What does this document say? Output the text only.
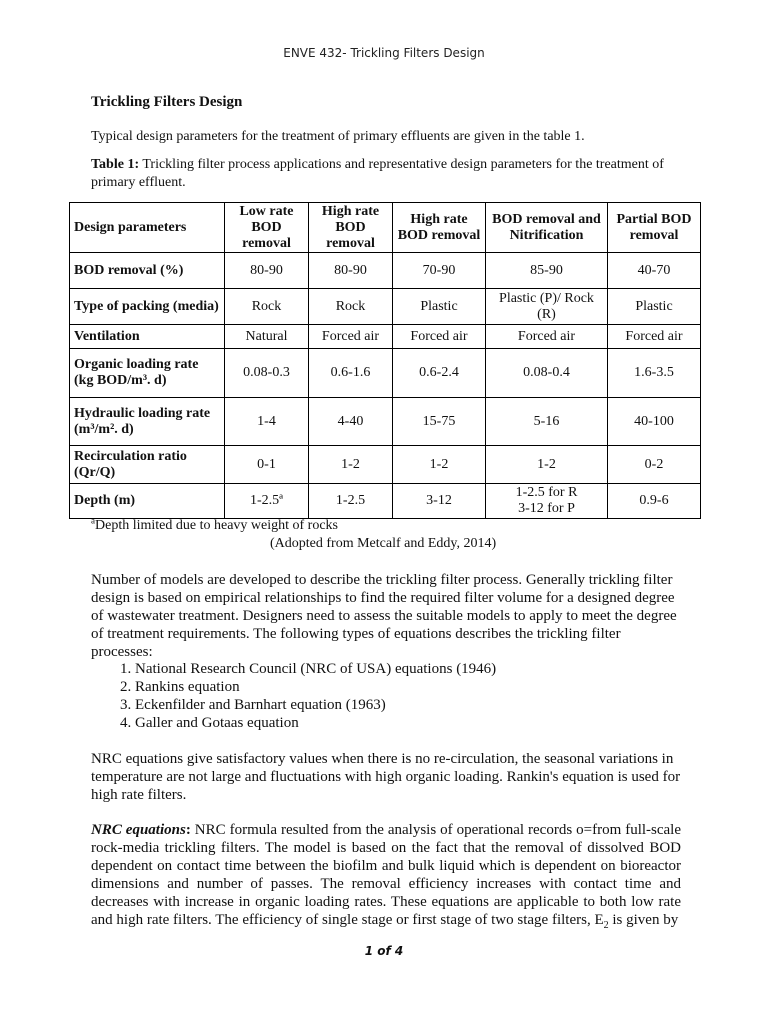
ENVE 432- Trickling Filters Design
Trickling Filters Design
Typical design parameters for the treatment of primary effluents are given in the table 1.
Table 1: Trickling filter process applications and representative design parameters for the treatment of primary effluent.
Design parameters	Low rate BOD removal	High rate BOD removal	High rate BOD removal	BOD removal and Nitrification	Partial BOD removal
BOD removal (%)	80-90	80-90	70-90	85-90	40-70
Type of packing (media)	Rock	Rock	Plastic	Plastic (P)/ Rock (R)	Plastic
Ventilation	Natural	Forced air	Forced air	Forced air	Forced air
Organic loading rate
(kg BOD/m³. d)	0.08-0.3	0.6-1.6	0.6-2.4	0.08-0.4	1.6-3.5
Hydraulic loading rate
(m³/m². d)	1-4	4-40	15-75	5-16	40-100
Recirculation ratio
(Qr/Q)	0-1	1-2	1-2	1-2	0-2
Depth (m)	1-2.5ª	1-2.5	3-12	1-2.5 for R
3-12 for P	0.9-6
$^a$Depth limited due to heavy weight of rocks
(Adopted from Metcalf and Eddy, 2014)
Number of models are developed to describe the trickling filter process. Generally trickling filter design is based on empirical relationships to find the required filter volume for a designed degree of wastewater treatment. Designers need to assess the suitable models to apply to meet the degree of treatment requirements. The following types of equations describes the trickling filter processes:
1. National Research Council (NRC of USA) equations (1946)
2. Rankins equation
3. Eckenfilder and Barnhart equation (1963)
4. Galler and Gotaas equation
NRC equations give satisfactory values when there is no re-circulation, the seasonal variations in temperature are not large and fluctuations with high organic loading. Rankin's equation is used for high rate filters.
NRC equations: NRC formula resulted from the analysis of operational records o=from full-scale rock-media trickling filters. The model is based on the fact that the removal of dissolved BOD dependent on contact time between the biofilm and bulk liquid which is dependent on bioreactor dimensions and number of passes. The removal efficiency increases with contact time and decreases with increase in organic loading rates. These equations are applicable to both low rate and high rate filters. The efficiency of single stage or first stage of two stage filters, $E_2$ is given by
1 of 4
